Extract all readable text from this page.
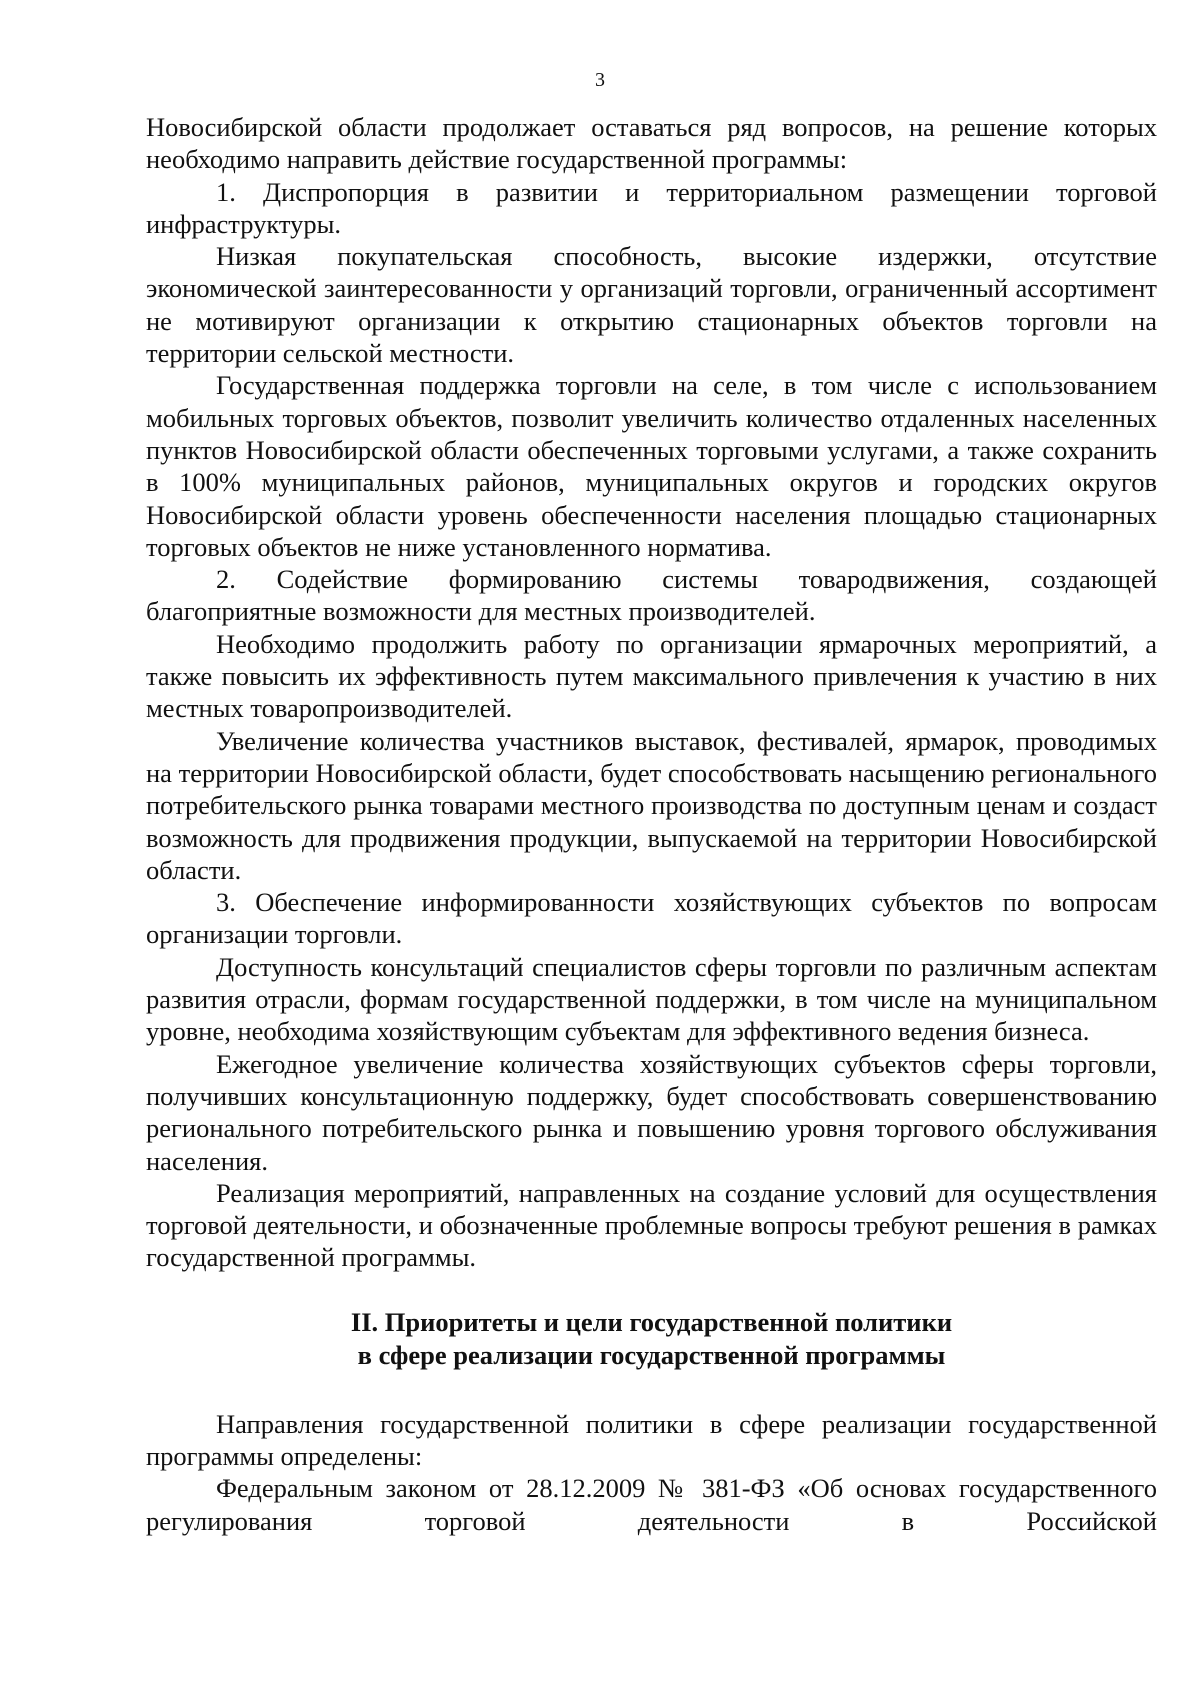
3

Новосибирской области продолжает оставаться ряд вопросов, на решение которых необходимо направить действие государственной программы:

1. Диспропорция в развитии и территориальном размещении торговой инфраструктуры.

Низкая покупательская способность, высокие издержки, отсутствие экономической заинтересованности у организаций торговли, ограниченный ассортимент не мотивируют организации к открытию стационарных объектов торговли на территории сельской местности.

Государственная поддержка торговли на селе, в том числе с использованием мобильных торговых объектов, позволит увеличить количество отдаленных населенных пунктов Новосибирской области обеспеченных торговыми услугами, а также сохранить в 100% муниципальных районов, муниципальных округов и городских округов Новосибирской области уровень обеспеченности населения площадью стационарных торговых объектов не ниже установленного норматива.

2. Содействие формированию системы товародвижения, создающей благоприятные возможности для местных производителей.

Необходимо продолжить работу по организации ярмарочных мероприятий, а также повысить их эффективность путем максимального привлечения к участию в них местных товаропроизводителей.

Увеличение количества участников выставок, фестивалей, ярмарок, проводимых на территории Новосибирской области, будет способствовать насыщению регионального потребительского рынка товарами местного производства по доступным ценам и создаст возможность для продвижения продукции, выпускаемой на территории Новосибирской области.

3. Обеспечение информированности хозяйствующих субъектов по вопросам организации торговли.

Доступность консультаций специалистов сферы торговли по различным аспектам развития отрасли, формам государственной поддержки, в том числе на муниципальном уровне, необходима хозяйствующим субъектам для эффективного ведения бизнеса.

Ежегодное увеличение количества хозяйствующих субъектов сферы торговли, получивших консультационную поддержку, будет способствовать совершенствованию регионального потребительского рынка и повышению уровня торгового обслуживания населения.

Реализация мероприятий, направленных на создание условий для осуществления торговой деятельности, и обозначенные проблемные вопросы требуют решения в рамках государственной программы.

II. Приоритеты и цели государственной политики
в сфере реализации государственной программы

Направления государственной политики в сфере реализации государственной программы определены:

Федеральным законом от 28.12.2009 № 381-ФЗ «Об основах государственного регулирования торговой деятельности в Российской
